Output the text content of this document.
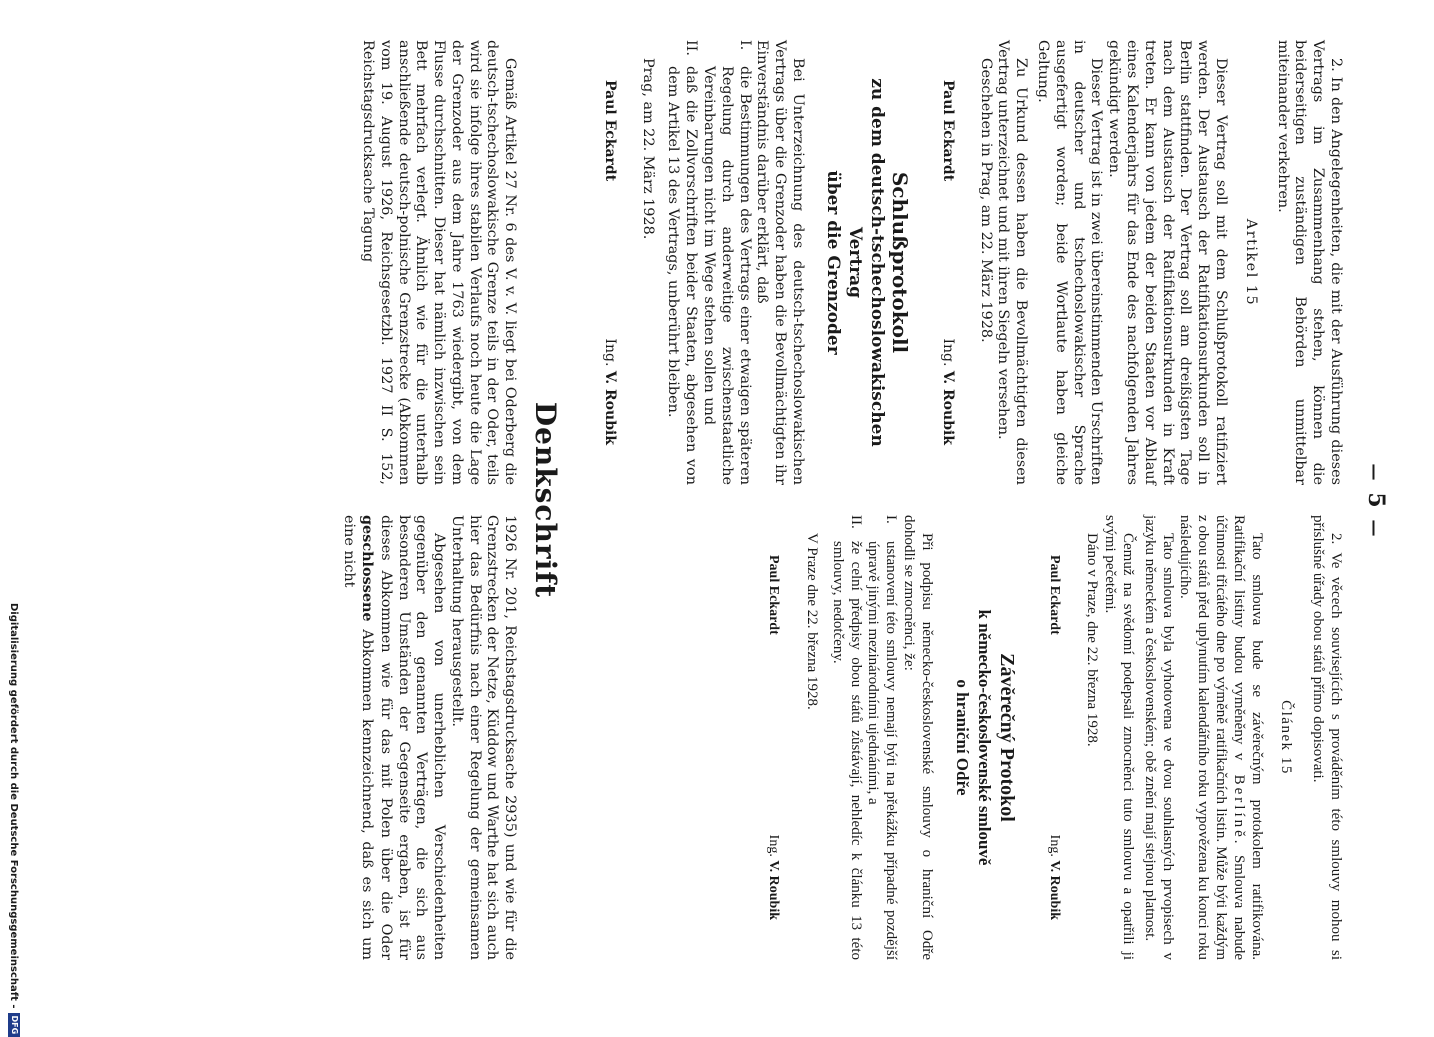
—  5  —

2. In den Angelegenheiten, die mit der Ausführung dieses Vertrags im Zusammenhang stehen, können die beiderseitigen zuständigen Behörden unmittelbar miteinander verkehren.

Artikel 15

Dieser Vertrag soll mit dem Schlußprotokoll ratifiziert werden. Der Austausch der Ratifikationsurkunden soll in Berlin stattfinden. Der Vertrag soll am dreißigsten Tage nach dem Austausch der Ratifikationsurkunden in Kraft treten. Er kann von jedem der beiden Staaten vor Ablauf eines Kalenderjahrs für das Ende des nachfolgenden Jahres gekündigt werden.

Dieser Vertrag ist in zwei übereinstimmenden Urschriften in deutscher und tschechoslowakischer Sprache ausgefertigt worden; beide Wortlaute haben gleiche Geltung.

Zu Urkund dessen haben die Bevollmächtigten diesen Vertrag unterzeichnet und mit ihren Siegeln versehen.

Geschehen in Prag, am 22. März 1928.

Paul Eckardt
Ing. V. Roubik
Schlußprotokoll
zu dem deutsch-tschechoslowakischen Vertrag
über die Grenzoder

Bei Unterzeichnung des deutsch-tschechoslowakischen Vertrags über die Grenzoder haben die Bevollmächtigten ihr Einverständnis darüber erklärt, daß

I.
die Bestimmungen des Vertrags einer etwaigen späteren Regelung durch anderweitige zwischenstaatliche Vereinbarungen nicht im Wege stehen sollen und
II.
daß die Zollvorschriften beider Staaten, abgesehen von dem Artikel 13 des Vertrags, unberührt bleiben.

Prag, am 22. März 1928.

Paul Eckardt
Ing. V. Roubik

2. Ve věcech souvisejících s prováděním této smlouvy mohou si příslušné úřady obou států přímo dopisovati.

Článek 15

Tato smlouva bude se závěrečným protokolem ratifikována. Ratifikační listiny budou vyměněny v Berlíně. Smlouva nabude účinnosti třicátého dne po výměně ratifikačních listin. Může býti každým z obou států před uplynutím kalendářního roku vypovězena ku konci roku následujícího.

Tato smlouva byla vyhotovena ve dvou souhlasných prvopisech v jazyku německém a československém; obě znění mají stejnou platnost.

Čemuž na svědomí podepsali zmocněnci tuto smlouvu a opatřili ji svými pečetěmi.

Dáno v Praze, dne 22. března 1928.

Paul Eckardt
Ing. V. Roubik
Závěrečný Protokol
k německo-československé smlouvě
o hraniční Odře

Při podpisu německo-československé smlouvy o hraniční Odře dohodli se zmocněnci, že:

I.
ustanovení této smlouvy nemají býti na překážku případné pozdější úpravě jinými mezinárodními ujednáními, a
II.
že celní předpisy obou států zůstávají, nehledíc k článku 13 této smlouvy, nedotčeny.

V Praze dne 22. března 1928.

Paul Eckardt
Ing. V. Roubik
Denkschrift

Gemäß Artikel 27 Nr. 6 des V. v. V. liegt bei Oderberg die deutsch-tschechoslowakische Grenze teils in der Oder, teils wird sie infolge ihres stabilen Verlaufs noch heute die Lage der Grenzoder aus dem Jahre 1763 wiedergibt, von dem Flusse durchschnitten. Dieser hat nämlich inzwischen sein Bett mehrfach verlegt. Ähnlich wie für die unterhalb anschließende deutsch-polnische Grenzstrecke (Abkommen vom 19. August 1926, Reichsgesetzbl. 1927 II S. 152, Reichstagsdrucksache Tagung

1926 Nr. 201, Reichstagsdrucksache 2935) und wie für die Grenzstrecken der Netze, Küddow und Warthe hat sich auch hier das Bedürfnis nach einer Regelung der gemeinsamen Unterhaltung herausgestellt.

Abgesehen von unerheblichen Verschiedenheiten gegenüber den genannten Verträgen, die sich aus besonderen Umständen der Gegenseite ergaben, ist für dieses Abkommen wie für das mit Polen über die Oder geschlossene Abkommen kennzeichnend, daß es sich um eine nicht

Digitalisierung gefördert durch die Deutsche Forschungsgemeinschaft -DFG
